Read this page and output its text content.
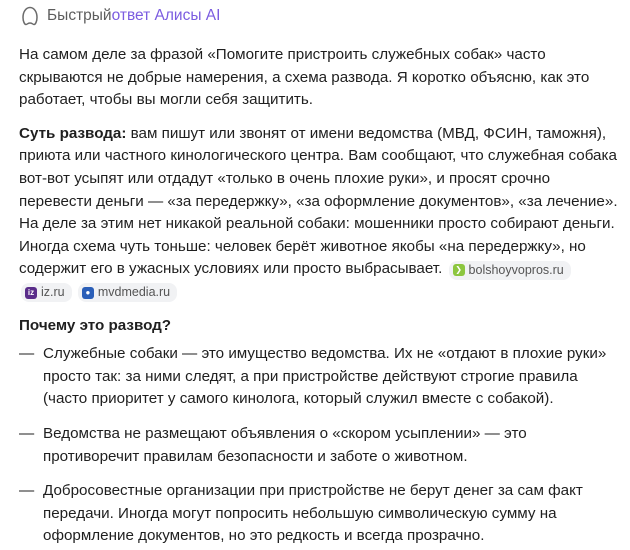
Быстрый ответ Алисы AI

На самом деле за фразой «Помогите пристроить служебных собак» часто скрываются не добрые намерения, а схема развода. Я коротко объясню, как это работает, чтобы вы могли себя защитить.

Суть развода: вам пишут или звонят от имени ведомства (МВД, ФСИН, таможня), приюта или частного кинологического центра. Вам сообщают, что служебная собака вот-вот усыпят или отдадут «только в очень плохие руки», и просят срочно перевести деньги — «за передержку», «за оформление документов», «за лечение». На деле за этим нет никакой реальной собаки: мошенники просто собирают деньги. Иногда схема чуть тоньше: человек берёт животное якобы «на передержку», но содержит его в ужасных условиях или просто выбрасывает.	❯ bolshoyvopros.ru

iz iz.ru
	● mvdmedia.ru

Почему это развод?
— Служебные собаки — это имущество ведомства. Их не «отдают в плохие руки» просто так: за ними следят, а при пристройстве действуют строгие правила (часто приоритет у самого кинолога, который служил вместе с собакой).
— Ведомства не размещают объявления о «скором усыплении» — это противоречит правилам безопасности и заботе о животном.
— Добросовестные организации при пристройстве не берут денег за сам факт передачи. Иногда могут попросить небольшую символическую сумму на оформление документов, но это редкость и всегда прозрачно.
